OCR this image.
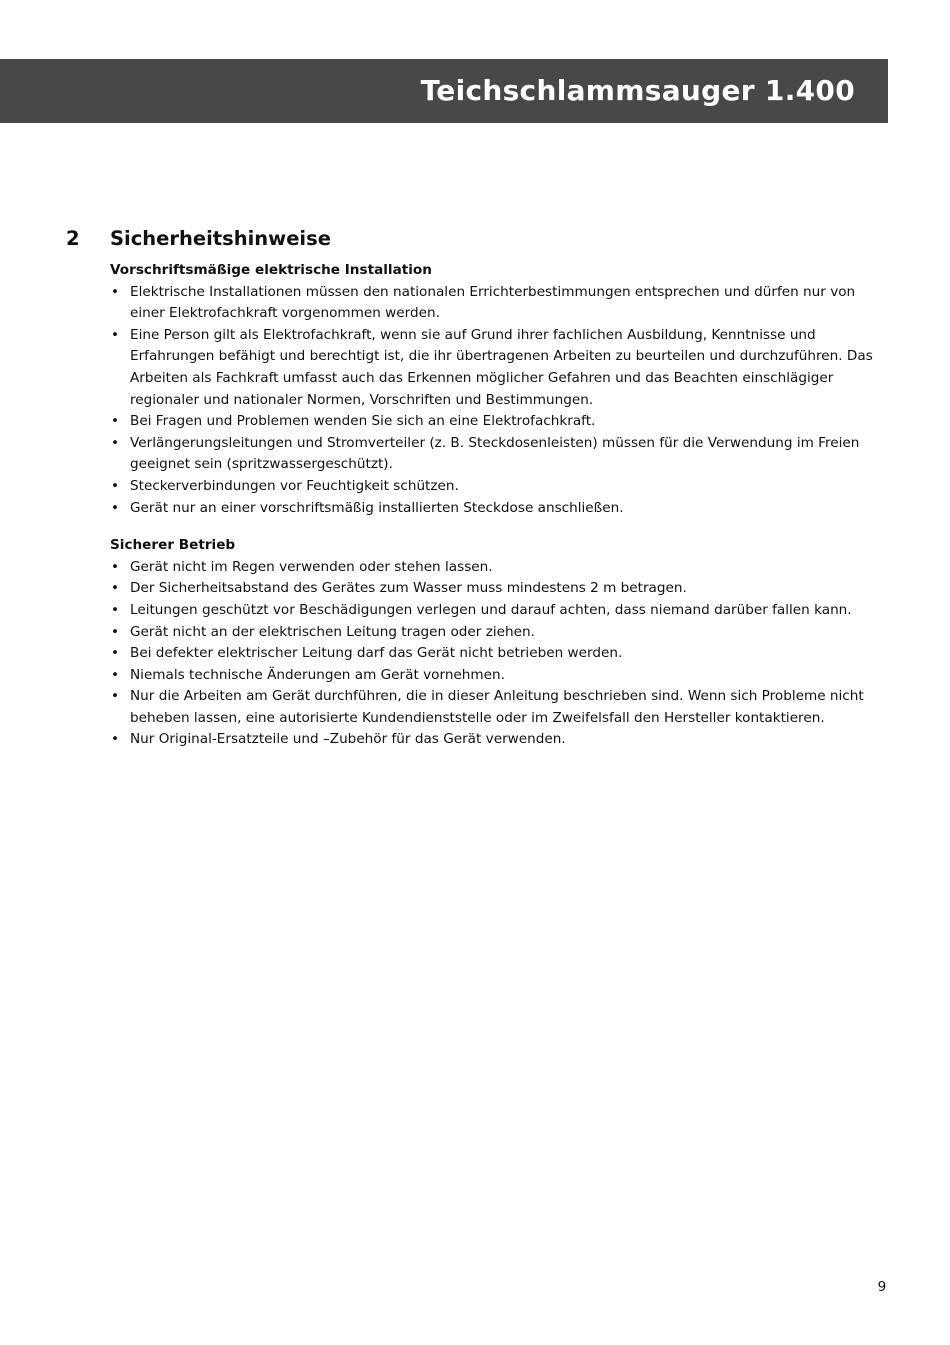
Teichschlammsauger 1.400
2 Sicherheitshinweise

Vorschriftsmäßige elektrische Installation

• Elektrische Installationen müssen den nationalen Errichterbestimmungen entsprechen und dürfen nur von einer Elektrofachkraft vorgenommen werden.
• Eine Person gilt als Elektrofachkraft, wenn sie auf Grund ihrer fachlichen Ausbildung, Kenntnisse und Erfahrungen befähigt und berechtigt ist, die ihr übertragenen Arbeiten zu beurteilen und durchzuführen. Das Arbeiten als Fachkraft umfasst auch das Erkennen möglicher Gefahren und das Beachten einschlägiger regionaler und nationaler Normen, Vorschriften und Bestimmungen.
• Bei Fragen und Problemen wenden Sie sich an eine Elektrofachkraft.
• Verlängerungsleitungen und Stromverteiler (z. B. Steckdosenleisten) müssen für die Verwendung im Freien geeignet sein (spritzwassergeschützt).
• Steckerverbindungen vor Feuchtigkeit schützen.
• Gerät nur an einer vorschriftsmäßig installierten Steckdose anschließen.

Sicherer Betrieb

• Gerät nicht im Regen verwenden oder stehen lassen.
• Der Sicherheitsabstand des Gerätes zum Wasser muss mindestens 2 m betragen.
• Leitungen geschützt vor Beschädigungen verlegen und darauf achten, dass niemand darüber fallen kann.
• Gerät nicht an der elektrischen Leitung tragen oder ziehen.
• Bei defekter elektrischer Leitung darf das Gerät nicht betrieben werden.
• Niemals technische Änderungen am Gerät vornehmen.
• Nur die Arbeiten am Gerät durchführen, die in dieser Anleitung beschrieben sind. Wenn sich Probleme nicht beheben lassen, eine autorisierte Kundendienststelle oder im Zweifelsfall den Hersteller kontaktieren.
• Nur Original-Ersatzteile und –Zubehör für das Gerät verwenden.
9
